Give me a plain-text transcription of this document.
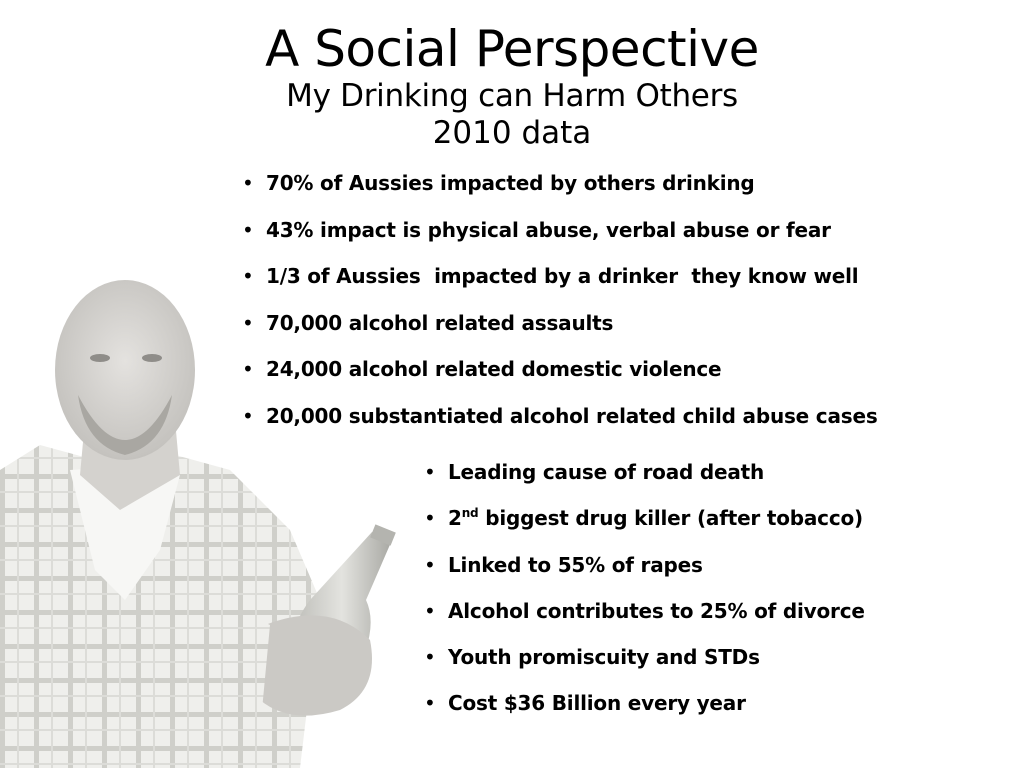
A Social Perspective
My Drinking can Harm Others
2010 data
• 70% of Aussies impacted by others drinking
• 43% impact is physical abuse, verbal abuse or fear
• 1/3 of Aussies  impacted by a drinker  they know well
• 70,000 alcohol related assaults
• 24,000 alcohol related domestic violence
• 20,000 substantiated alcohol related child abuse cases
• Leading cause of road death
• 2nd biggest drug killer (after tobacco)
• Linked to 55% of rapes
• Alcohol contributes to 25% of divorce
• Youth promiscuity and STDs
• Cost $36 Billion every year
